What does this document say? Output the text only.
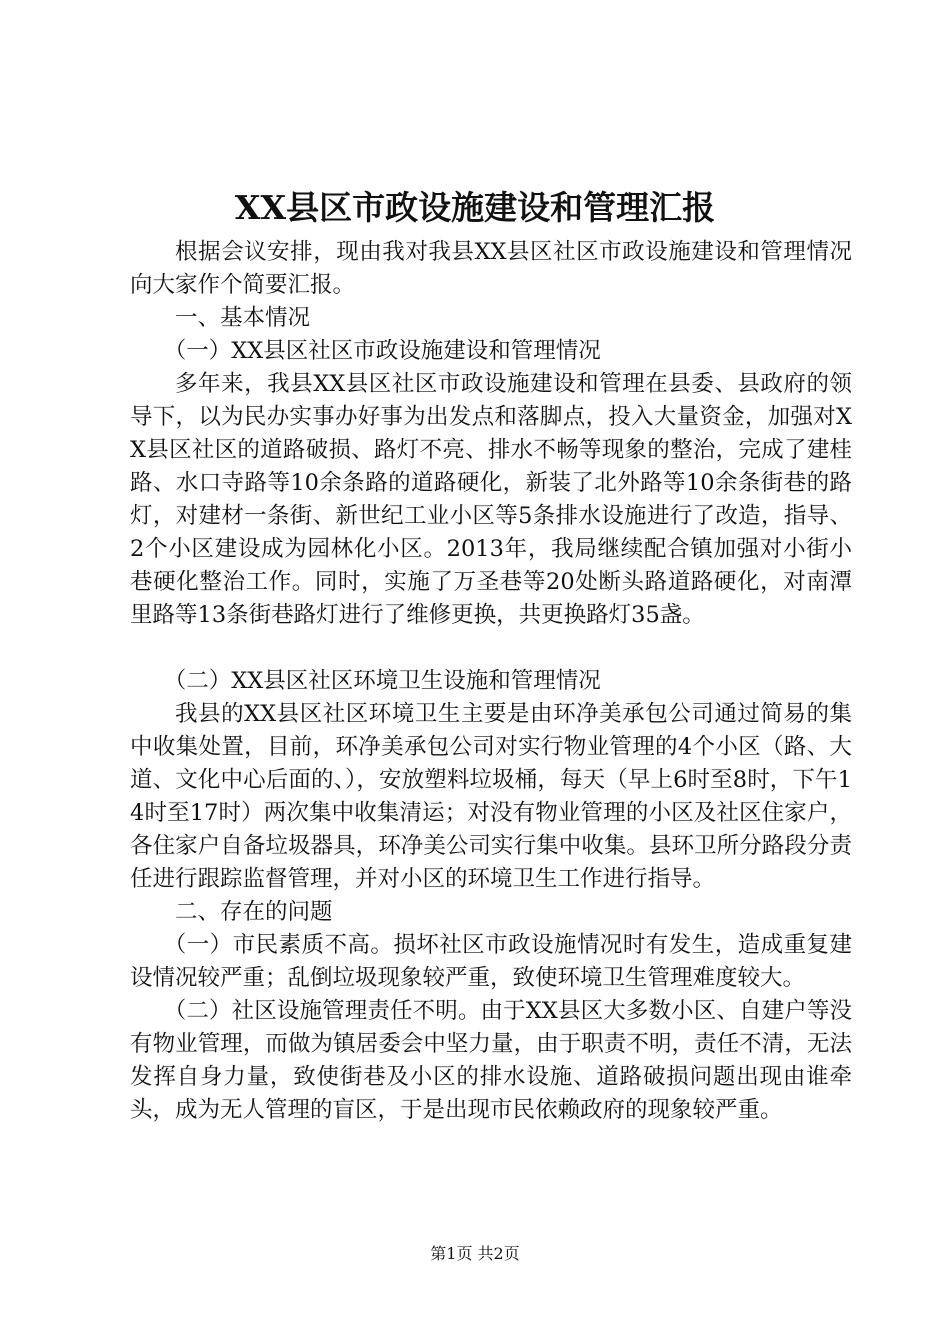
XX县区市政设施建设和管理汇报

根据会议安排，现由我对我县XX县区社区市政设施建设和管理情况向大家作个简要汇报。

一、基本情况

（一）XX县区社区市政设施建设和管理情况

多年来，我县XX县区社区市政设施建设和管理在县委、县政府的领导下，以为民办实事办好事为出发点和落脚点，投入大量资金，加强对XX县区社区的道路破损、路灯不亮、排水不畅等现象的整治，完成了建桂路、水口寺路等10余条路的道路硬化，新装了北外路等10余条街巷的路灯，对建材一条街、新世纪工业小区等5条排水设施进行了改造，指导、2个小区建设成为园林化小区。2013年，我局继续配合镇加强对小街小巷硬化整治工作。同时，实施了万圣巷等20处断头路道路硬化，对南潭里路等13条街巷路灯进行了维修更换，共更换路灯35盏。

（二）XX县区社区环境卫生设施和管理情况

我县的XX县区社区环境卫生主要是由环净美承包公司通过简易的集中收集处置，目前，环净美承包公司对实行物业管理的4个小区（路、大道、文化中心后面的、），安放塑料垃圾桶，每天（早上6时至8时，下午14时至17时）两次集中收集清运；对没有物业管理的小区及社区住家户，各住家户自备垃圾器具，环净美公司实行集中收集。县环卫所分路段分责任进行跟踪监督管理，并对小区的环境卫生工作进行指导。

二、存在的问题

（一）市民素质不高。损坏社区市政设施情况时有发生，造成重复建设情况较严重；乱倒垃圾现象较严重，致使环境卫生管理难度较大。

（二）社区设施管理责任不明。由于XX县区大多数小区、自建户等没有物业管理，而做为镇居委会中坚力量，由于职责不明，责任不清，无法发挥自身力量，致使街巷及小区的排水设施、道路破损问题出现由谁牵头，成为无人管理的盲区，于是出现市民依赖政府的现象较严重。

第1页 共2页
